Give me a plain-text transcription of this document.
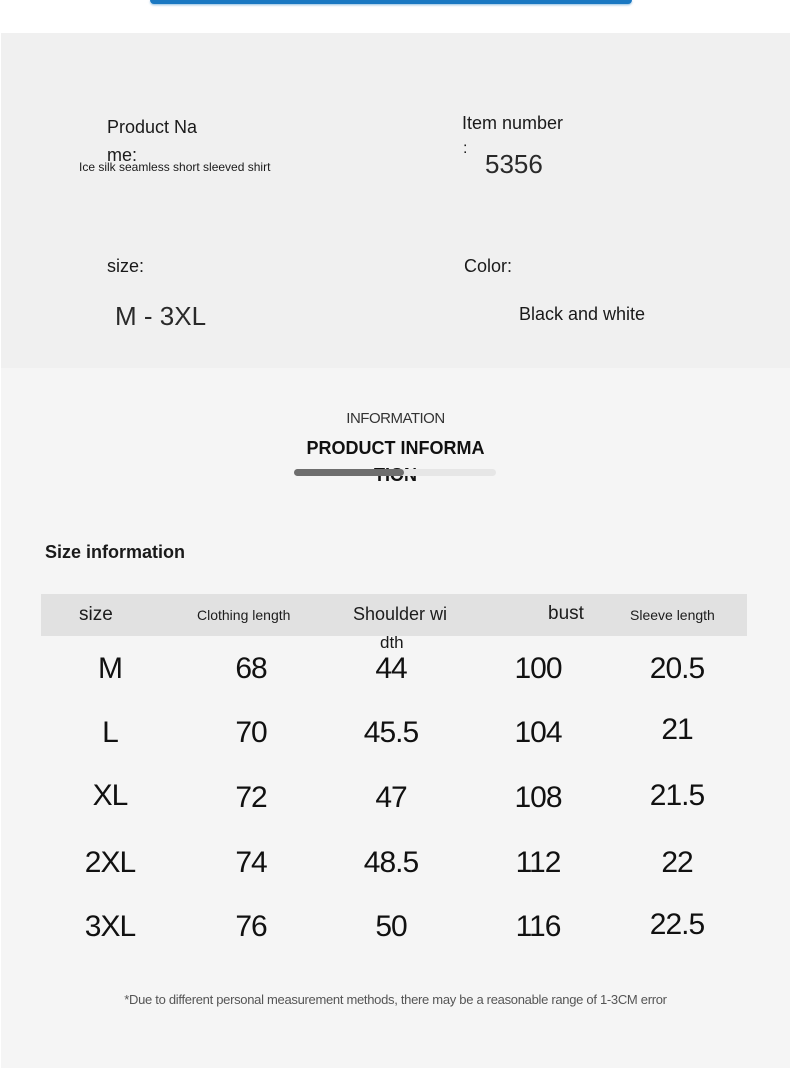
Product Na
me:
Ice silk seamless short sleeved shirt
Item number
:
5356
size:
M - 3XL
Color:
Black and white
INFORMATION
PRODUCT INFORMA
Size information
size	Clothing length	Shoulder wi	bust	Sleeve length
dth
M	68	44	100	20.5
L	70	45.5	104	21
XL	72	47	108	21.5
2XL	74	48.5	112	22
3XL	76	50	116	22.5
*Due to different personal measurement methods, there may be a reasonable range of 1-3CM error
